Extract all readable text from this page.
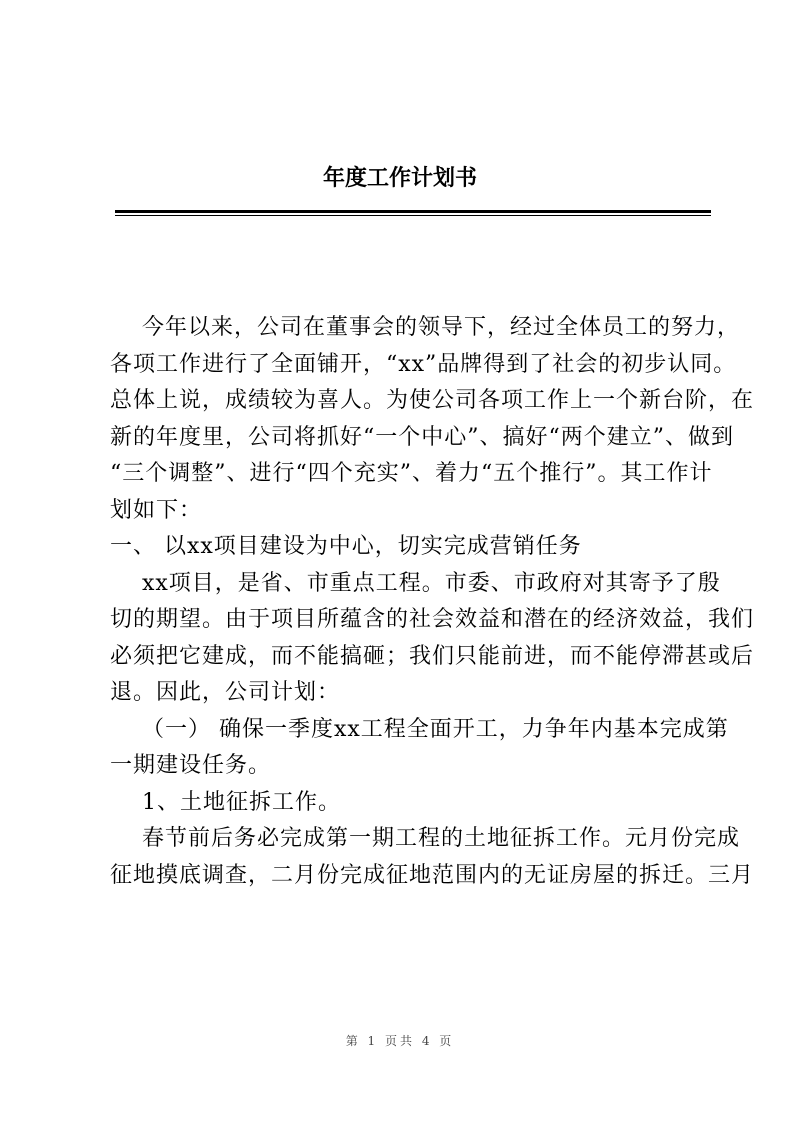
年度工作计划书
今年以来，公司在董事会的领导下，经过全体员工的努力，
各项工作进行了全面铺开，“xx”品牌得到了社会的初步认同。
总体上说，成绩较为喜人。为使公司各项工作上一个新台阶，在
新的年度里，公司将抓好“一个中心”、搞好“两个建立”、做到
“三个调整”、进行“四个充实”、着力“五个推行”。其工作计
划如下：
一、 以xx项目建设为中心，切实完成营销任务
xx项目，是省、市重点工程。市委、市政府对其寄予了殷
切的期望。由于项目所蕴含的社会效益和潜在的经济效益，我们
必须把它建成，而不能搞砸；我们只能前进，而不能停滞甚或后
退。因此，公司计划：
（一） 确保一季度xx工程全面开工，力争年内基本完成第
一期建设任务。
1、土地征拆工作。
春节前后务必完成第一期工程的土地征拆工作。元月份完成
征地摸底调查，二月份完成征地范围内的无证房屋的拆迁。三月
第 1 页共 4 页
